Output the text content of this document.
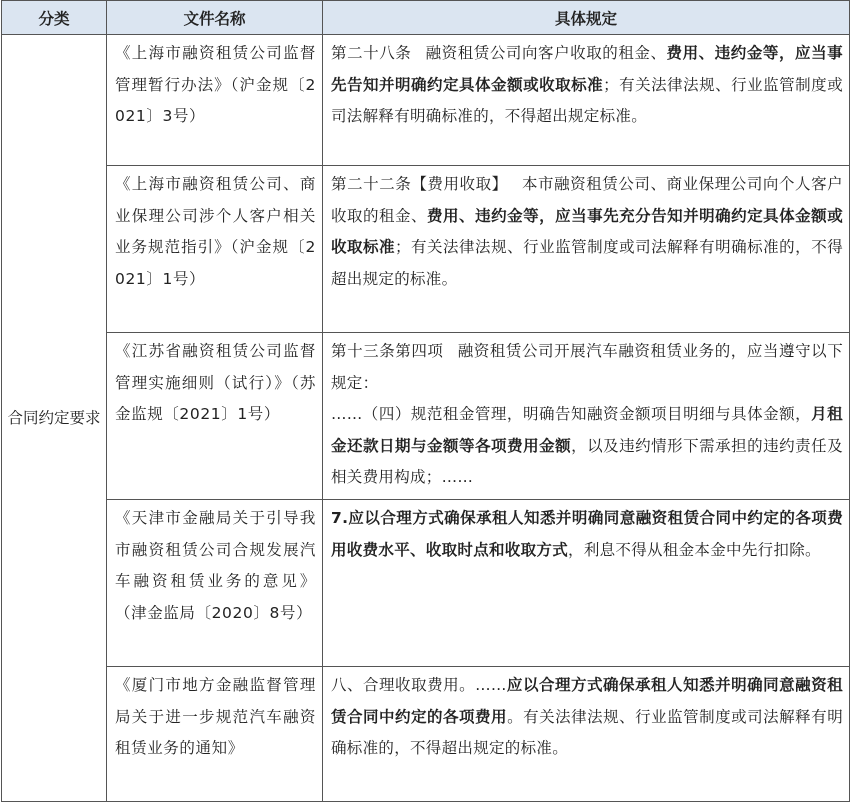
分类	文件名称	具体规定
合同约定要求	《上海市融资租赁公司监督管理暂行办法》（沪金规〔2021〕3号）	第二十八条 融资租赁公司向客户收取的租金、费用、违约金等，应当事先告知并明确约定具体金额或收取标准；有关法律法规、行业监管制度或司法解释有明确标准的，不得超出规定标准。

	《上海市融资租赁公司、商业保理公司涉个人客户相关业务规范指引》（沪金规〔2021〕1号）	第二十二条【费用收取】 本市融资租赁公司、商业保理公司向个人客户收取的租金、费用、违约金等，应当事先充分告知并明确约定具体金额或收取标准；有关法律法规、行业监管制度或司法解释有明确标准的，不得超出规定的标准。

	《江苏省融资租赁公司监督管理实施细则（试行）》（苏金监规〔2021〕1号）	第十三条第四项 融资租赁公司开展汽车融资租赁业务的，应当遵守以下规定：
……（四）规范租金管理，明确告知融资金额项目明细与具体金额，月租金还款日期与金额等各项费用金额，以及违约情形下需承担的违约责任及相关费用构成；……

	《天津市金融局关于引导我市融资租赁公司合规发展汽车融资租赁业务的意见》（津金监局〔2020〕8号）	7.应以合理方式确保承租人知悉并明确同意融资租赁合同中约定的各项费用收费水平、收取时点和收取方式，利息不得从租金本金中先行扣除。

	《厦门市地方金融监督管理局关于进一步规范汽车融资租赁业务的通知》	八、合理收取费用。……应以合理方式确保承租人知悉并明确同意融资租赁合同中约定的各项费用。有关法律法规、行业监管制度或司法解释有明确标准的，不得超出规定的标准。
